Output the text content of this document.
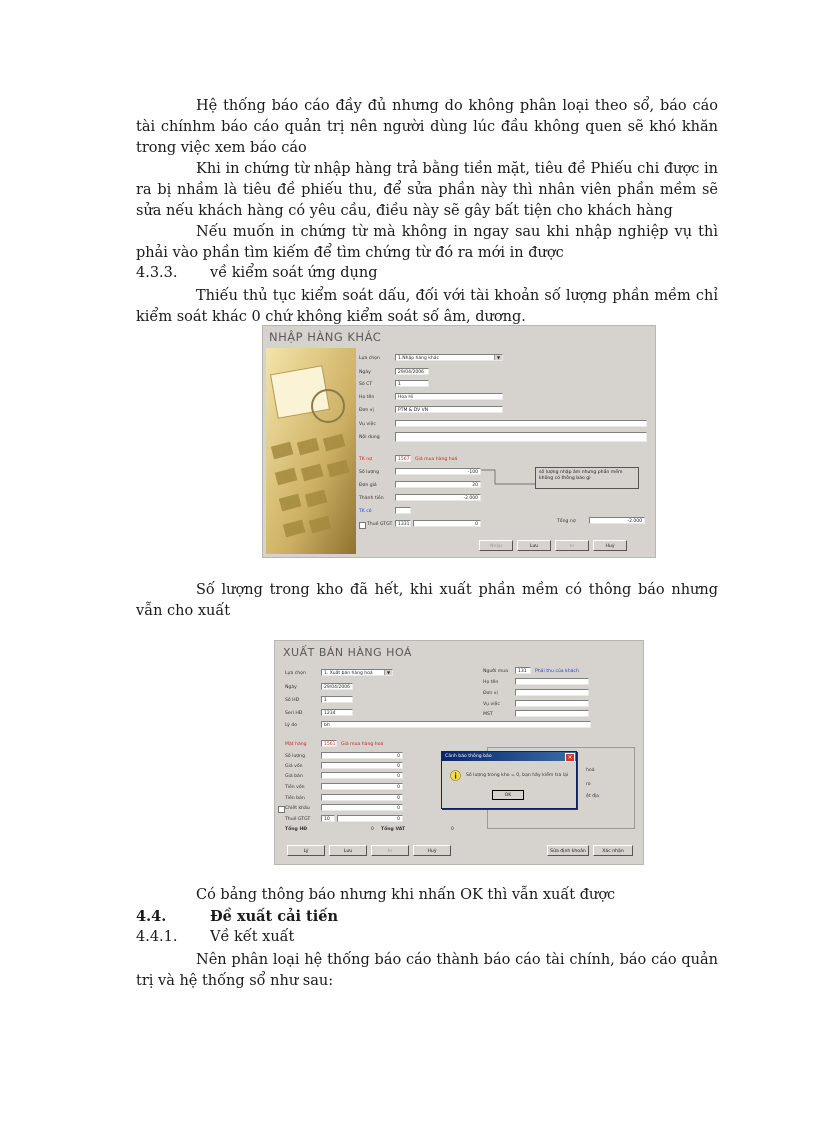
Hệ thống báo cáo đầy đủ nhưng do không phân loại theo sổ, báo cáo tài chínhm báo cáo quản trị nên người dùng lúc đầu không quen sẽ khó khăn trong việc xem báo cáo

Khi in chứng từ nhập hàng trả bằng tiền mặt, tiêu đề Phiếu chi được in ra bị nhầm là tiêu đề phiếu thu, để sửa phần này thì nhân viên phần mềm sẽ sửa nếu khách hàng có yêu cầu, điều này sẽ gây bất tiện cho khách hàng

Nếu muốn in chứng từ mà không in ngay sau khi nhập nghiệp vụ thì phải vào phần tìm kiếm để tìm chứng từ đó ra mới in được

4.3.3. về kiểm soát ứng dụng

Thiếu thủ tục kiểm soát dấu, đối với tài khoản số lượng phần mềm chỉ kiểm soát khác 0 chứ không kiểm soát số âm, dương.

NHẬP HÀNG KHÁC
Lựa chọn	1.Nhập hàng khác	▼
Ngày	29/04/2006
Số CT	1
Họ tên	Hoa Hi
Đơn vị	PTM & DV VN
Vụ việc
Nội dung
TK nợ	1567	Giá mua hàng hoá
Số lượng	-100
Đơn giá	20
Thành tiền	-2.000
TK có
Thuế GTGT	1331	0
số lượng nhập âm nhưng phần mềm không có thông báo gì
Tổng nợ	-2.000
Nhập	Lưu	In	Huỷ

Số lượng trong kho đã hết, khi xuất phần mềm có thông báo nhưng vẫn cho xuất

XUẤT BÁN HÀNG HOÁ
Lựa chọn	1. Xuất bán hàng hoá	▼
Ngày	29/04/2006
Số HĐ	1
Seri HĐ	1234
Lý do	bh
Người mua	131	Phải thu của khách
Họ tên
Đơn vị
Vụ việc
MST
Mặt hàng	1561	Giá mua hàng hoá
Số lượng	0
Giá vốn	0
Giá bán	0
Tiền vốn	0
Tiền bán	0
Chiết khấu	0
Thuế GTGT	10	0
Tổng HĐ	0 Tổng VAT	0
hoá
ro
ệt địa
Cảnh báo thông báo	×
Số lượng trong kho = 0, bạn hãy kiểm tra lại
OK
Lý	Lưu	In	Huỷ	Sửa định khoản	Xác nhận

Có bảng thông báo nhưng khi nhấn OK thì vẫn xuất được

4.4.	Đề xuất cải tiến
4.4.1. Về kết xuất

Nên phân loại hệ thống báo cáo thành báo cáo tài chính, báo cáo quản trị và hệ thống sổ như sau:
